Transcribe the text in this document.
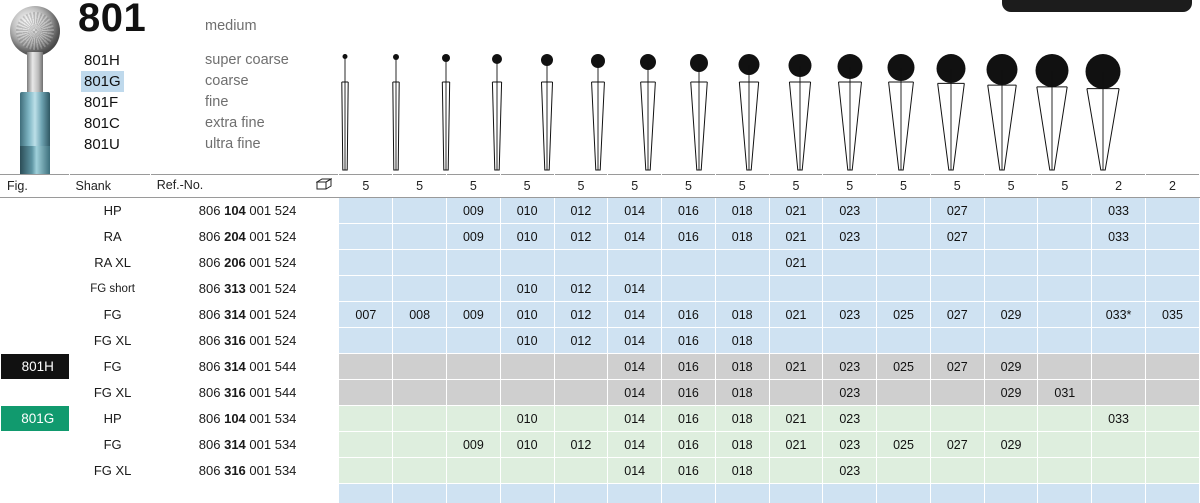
801	medium
801H	super coarse
801G	coarse
801F	fine
801C	extra fine
801U	ultra fine
Fig.	Shank	Ref.-No.	5	5	5	5	5	5	5	5	5	5	5	5	5	5	2	2
801	HP	806 104 001 524			009	010	012	014	016	018	021	023		027			033	
	RA	806 204 001 524			009	010	012	014	016	018	021	023		027			033	
	RA XL	806 206 001 524									021							
	FG short	806 313 001 524				010	012	014										
	FG	806 314 001 524	007	008	009	010	012	014	016	018	021	023	025	027	029		033*	035
	FG XL	806 316 001 524				010	012	014	016	018								
801H	FG	806 314 001 544						014	016	018	021	023	025	027	029			
	FG XL	806 316 001 544						014	016	018		023			029	031		
801G	HP	806 104 001 534				010		014	016	018	021	023					033	
	FG	806 314 001 534			009	010	012	014	016	018	021	023	025	027	029			
	FG XL	806 316 001 534						014	016	018		023						
801F																		
